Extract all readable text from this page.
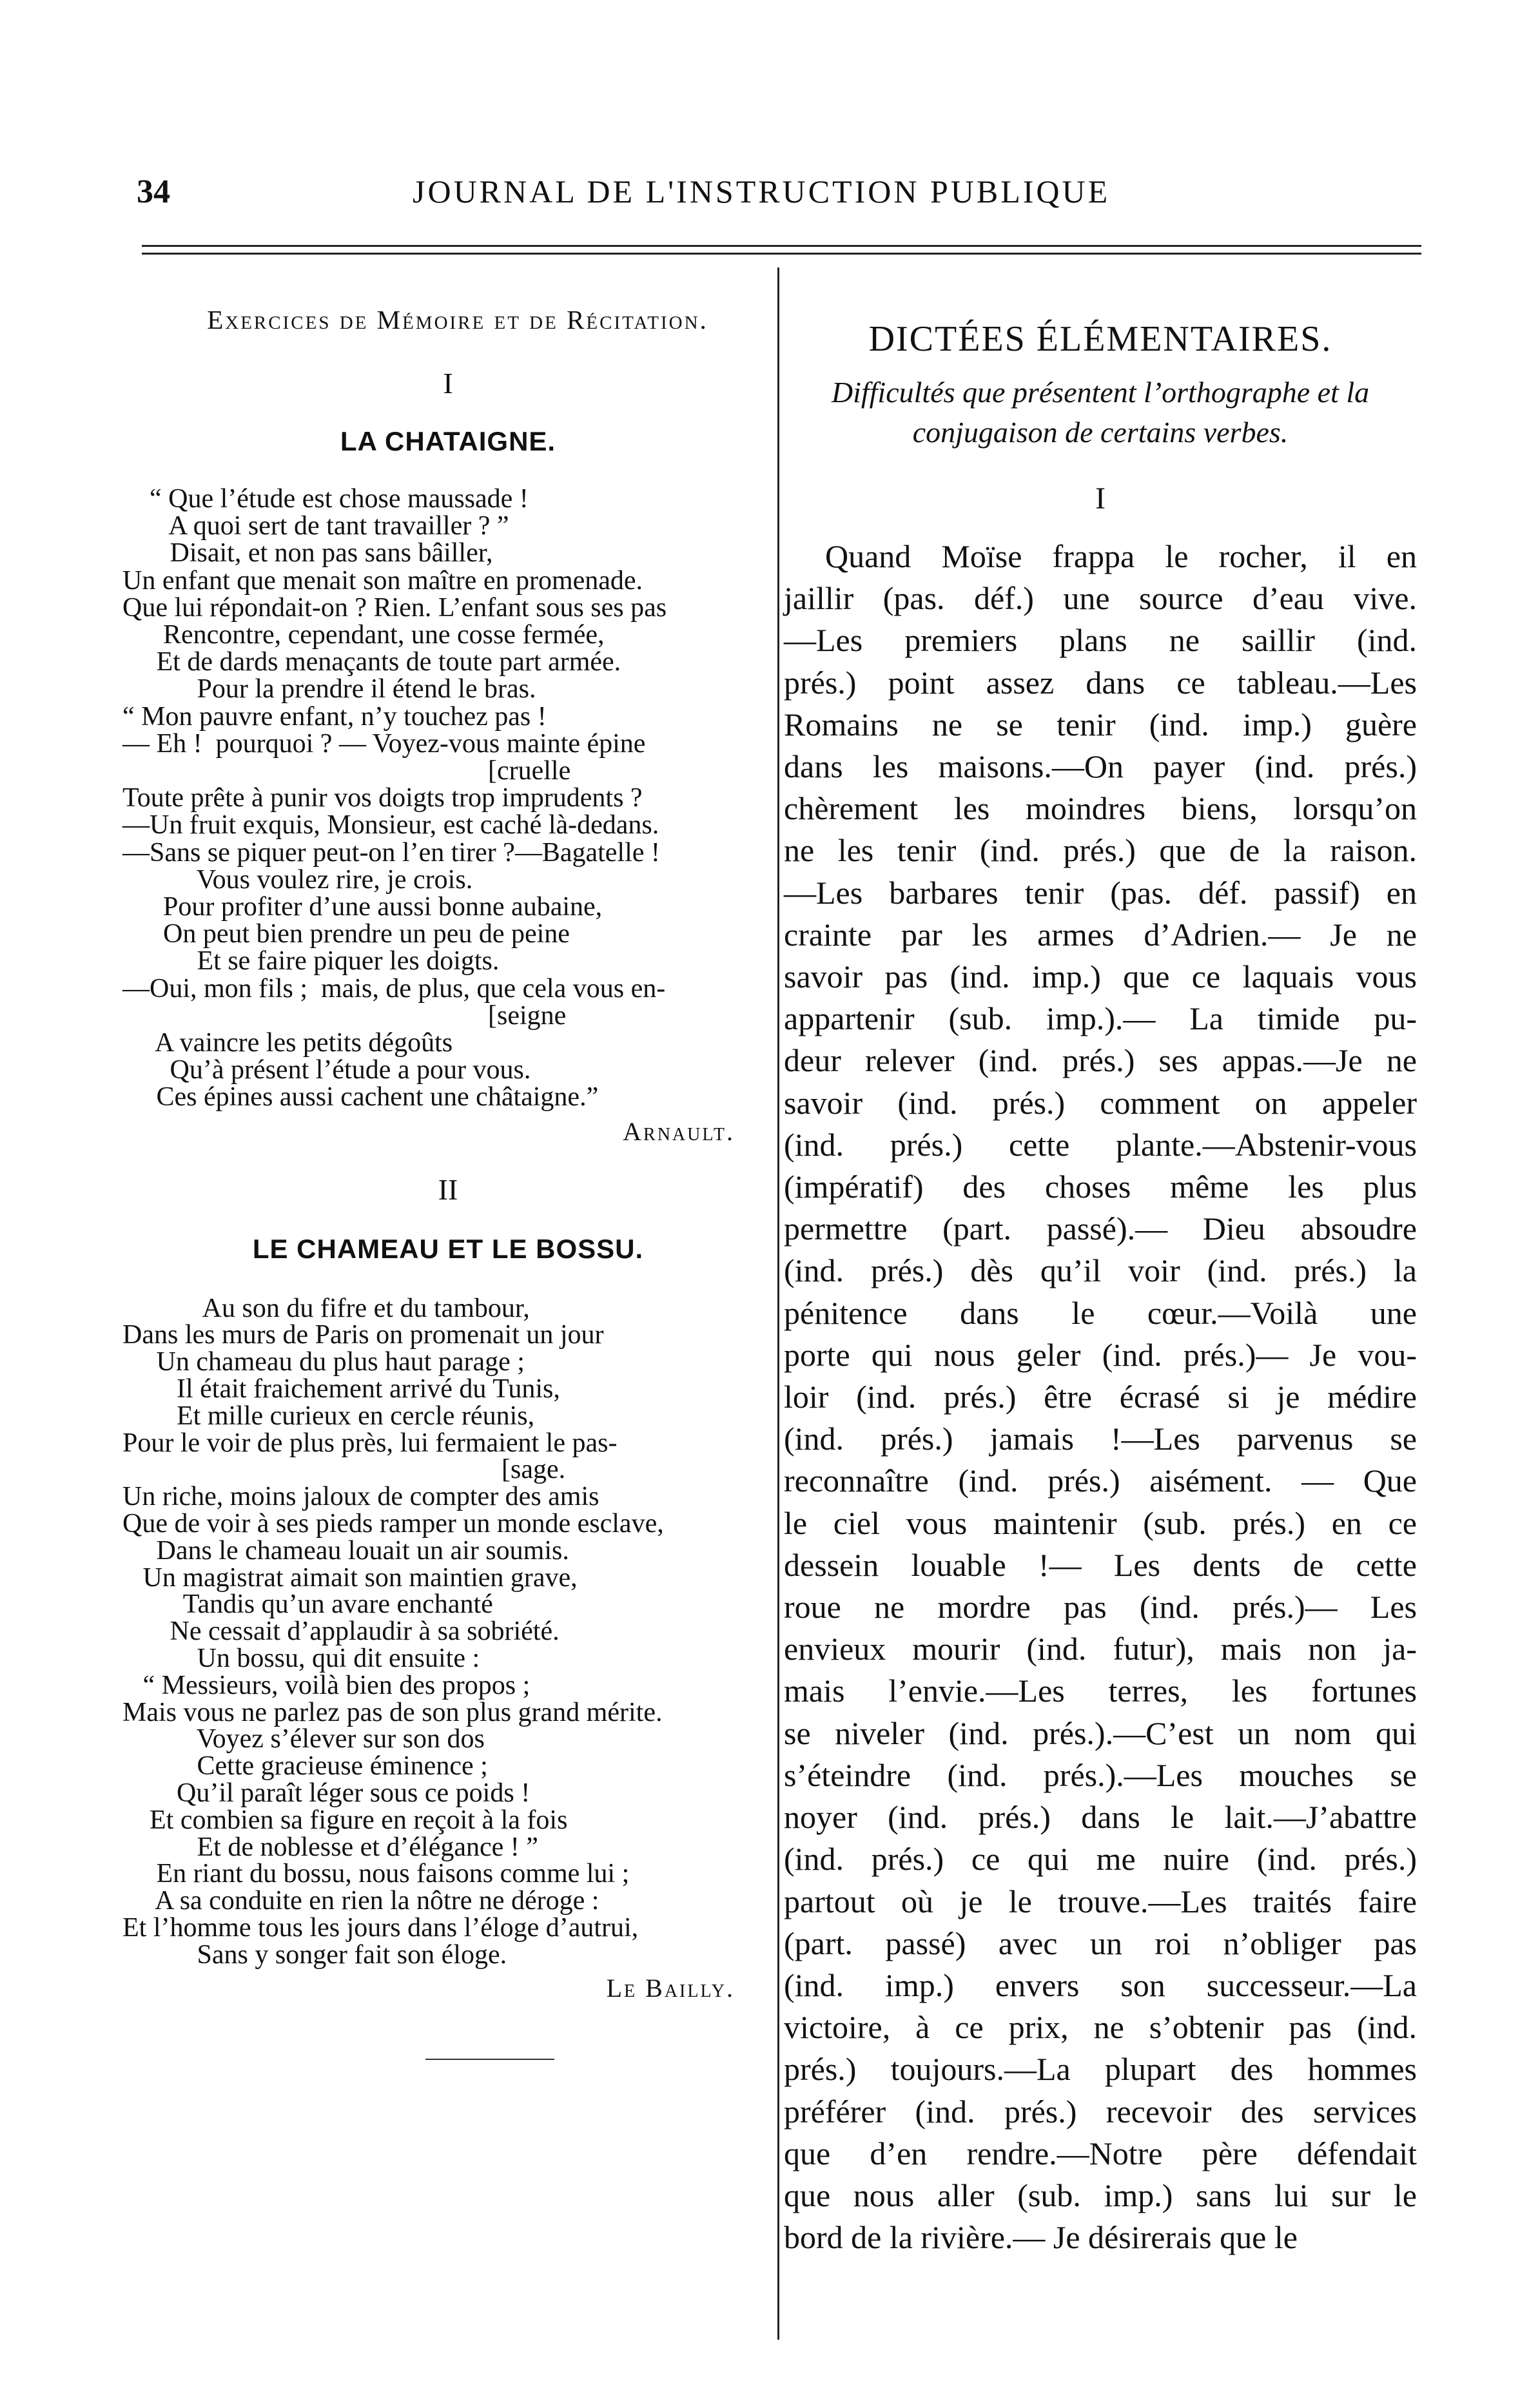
34	JOURNAL DE L'INSTRUCTION PUBLIQUE
Exercices de Mémoire et de Récitation.
I
LA CHATAIGNE.
“ Que l’étude est chose maussade !
A quoi sert de tant travailler ? ”
Disait, et non pas sans bâiller,
Un enfant que menait son maître en promenade.
Que lui répondait-on ? Rien. L’enfant sous ses pas
Rencontre, cependant, une cosse fermée,
Et de dards menaçants de toute part armée.
Pour la prendre il étend le bras.
“ Mon pauvre enfant, n’y touchez pas !
— Eh !  pourquoi ? — Voyez-vous mainte épine
[cruelle
Toute prête à punir vos doigts trop imprudents ?
—Un fruit exquis, Monsieur, est caché là-dedans.
—Sans se piquer peut-on l’en tirer ?—Bagatelle !
Vous voulez rire, je crois.
Pour profiter d’une aussi bonne aubaine,
On peut bien prendre un peu de peine
Et se faire piquer les doigts.
—Oui, mon fils ;  mais, de plus, que cela vous en-
[seigne
A vaincre les petits dégoûts
Qu’à présent l’étude a pour vous.
Ces épines aussi cachent une châtaigne.”
Arnault.
II
LE CHAMEAU ET LE BOSSU.
Au son du fifre et du tambour,
Dans les murs de Paris on promenait un jour
Un chameau du plus haut parage ;
Il était fraichement arrivé du Tunis,
Et mille curieux en cercle réunis,
Pour le voir de plus près, lui fermaient le pas-
[sage.
Un riche, moins jaloux de compter des amis
Que de voir à ses pieds ramper un monde esclave,
Dans le chameau louait un air soumis.
Un magistrat aimait son maintien grave,
Tandis qu’un avare enchanté
Ne cessait d’applaudir à sa sobriété.
Un bossu, qui dit ensuite :
“ Messieurs, voilà bien des propos ;
Mais vous ne parlez pas de son plus grand mérite.
Voyez s’élever sur son dos
Cette gracieuse éminence ;
Qu’il paraît léger sous ce poids !
Et combien sa figure en reçoit à la fois
Et de noblesse et d’élégance ! ”
En riant du bossu, nous faisons comme lui ;
A sa conduite en rien la nôtre ne déroge :
Et l’homme tous les jours dans l’éloge d’autrui,
Sans y songer fait son éloge.
Le Bailly.
DICTÉES ÉLÉMENTAIRES.
Difficultés que présentent l’orthographe et la
conjugaison de certains verbes.
I
Quand Moïse frappa le rocher, il en
jaillir (pas. déf.) une source d’eau vive.
—Les premiers plans ne saillir (ind.
prés.) point assez dans ce tableau.—Les
Romains ne se tenir (ind. imp.) guère
dans les maisons.—On payer (ind. prés.)
chèrement les moindres biens, lorsqu’on
ne les tenir (ind. prés.) que de la raison.
—Les barbares tenir (pas. déf. passif) en
crainte par les armes d’Adrien.— Je ne
savoir pas (ind. imp.) que ce laquais vous
appartenir (sub. imp.).— La timide pu-
deur relever (ind. prés.) ses appas.—Je ne
savoir (ind. prés.) comment on appeler
(ind. prés.) cette plante.—Abstenir-vous
(impératif) des choses même les plus
permettre (part. passé).— Dieu absoudre
(ind. prés.) dès qu’il voir (ind. prés.) la
pénitence dans le cœur.—Voilà une
porte qui nous geler (ind. prés.)— Je vou-
loir (ind. prés.) être écrasé si je médire
(ind. prés.) jamais !—Les parvenus se
reconnaître (ind. prés.) aisément. — Que
le ciel vous maintenir (sub. prés.) en ce
dessein louable !— Les dents de cette
roue ne mordre pas (ind. prés.)— Les
envieux mourir (ind. futur), mais non ja-
mais l’envie.—Les terres, les fortunes
se niveler (ind. prés.).—C’est un nom qui
s’éteindre (ind. prés.).—Les mouches se
noyer (ind. prés.) dans le lait.—J’abattre
(ind. prés.) ce qui me nuire (ind. prés.)
partout où je le trouve.—Les traités faire
(part. passé) avec un roi n’obliger pas
(ind. imp.) envers son successeur.—La
victoire, à ce prix, ne s’obtenir pas (ind.
prés.) toujours.—La plupart des hommes
préférer (ind. prés.) recevoir des services
que d’en rendre.—Notre père défendait
que nous aller (sub. imp.) sans lui sur le
bord de la rivière.— Je désirerais que le
